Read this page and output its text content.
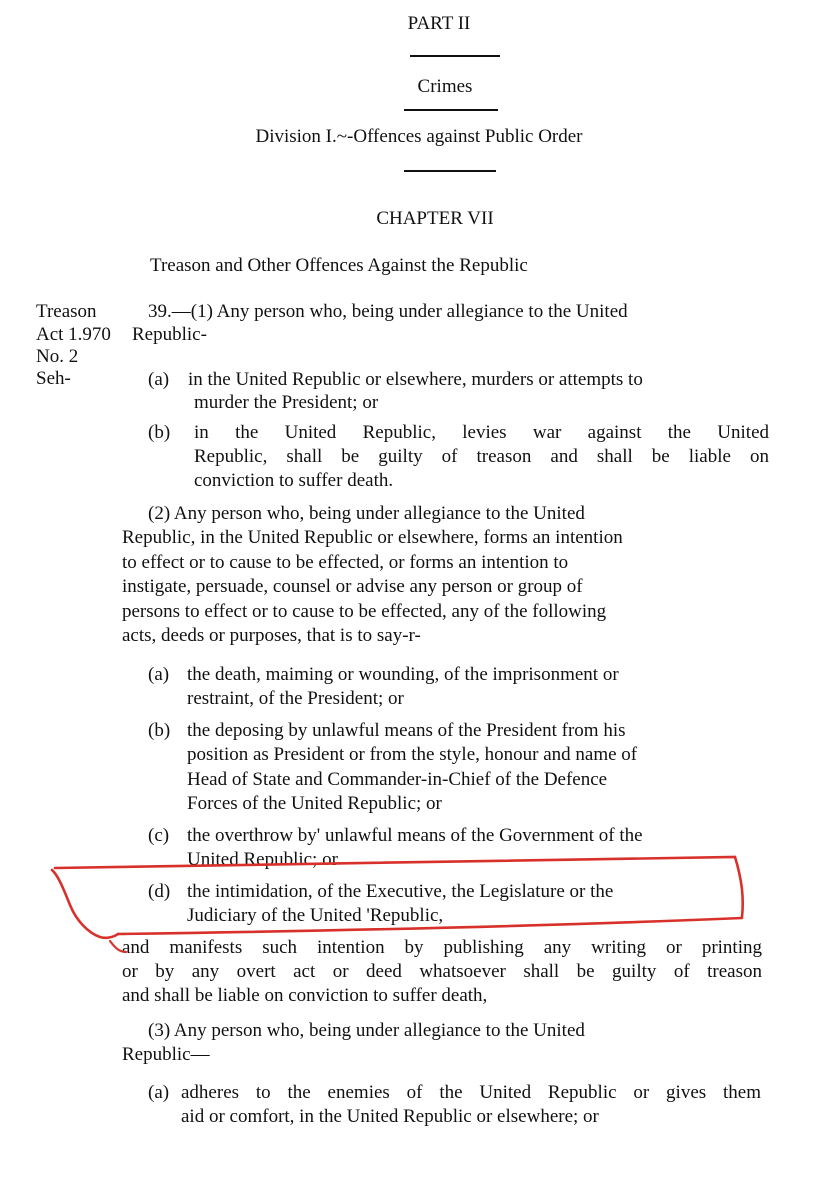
PART II
Crimes
Division I.~-Offences against Public Order
CHAPTER VII
Treason and Other Offences Against the Republic
Treason
Act 1.970
No. 2
Seh-
39.—(1) Any person who, being under allegiance to the United
Republic-
(a) in the United Republic or elsewhere, murders or attempts to
murder the President; or
(b) in the United Republic, levies war against the United
Republic, shall be guilty of treason and shall be liable on
conviction to suffer death.
(2) Any person who, being under allegiance to the United
Republic, in the United Republic or elsewhere, forms an intention
to effect or to cause to be effected, or forms an intention to
instigate, persuade, counsel or advise any person or group of
persons to effect or to cause to be effected, any of the following
acts, deeds or purposes, that is to say-r-
(a) the death, maiming or wounding, of the imprisonment or
restraint, of the President; or
(b) the deposing by unlawful means of the President from his
position as President or from the style, honour and name of
Head of State and Commander-in-Chief of the Defence
Forces of the United Republic; or
(c) the overthrow by' unlawful means of the Government of the
United Republic; or
(d) the intimidation, of the Executive, the Legislature or the
Judiciary of the United 'Republic,
and manifests such intention by publishing any writing or printing
or by any overt act or deed whatsoever shall be guilty of treason
and shall be liable on conviction to suffer death,
(3) Any person who, being under allegiance to the United
Republic—
(a) adheres to the enemies of the United Republic or gives them
aid or comfort, in the United Republic or elsewhere; or
